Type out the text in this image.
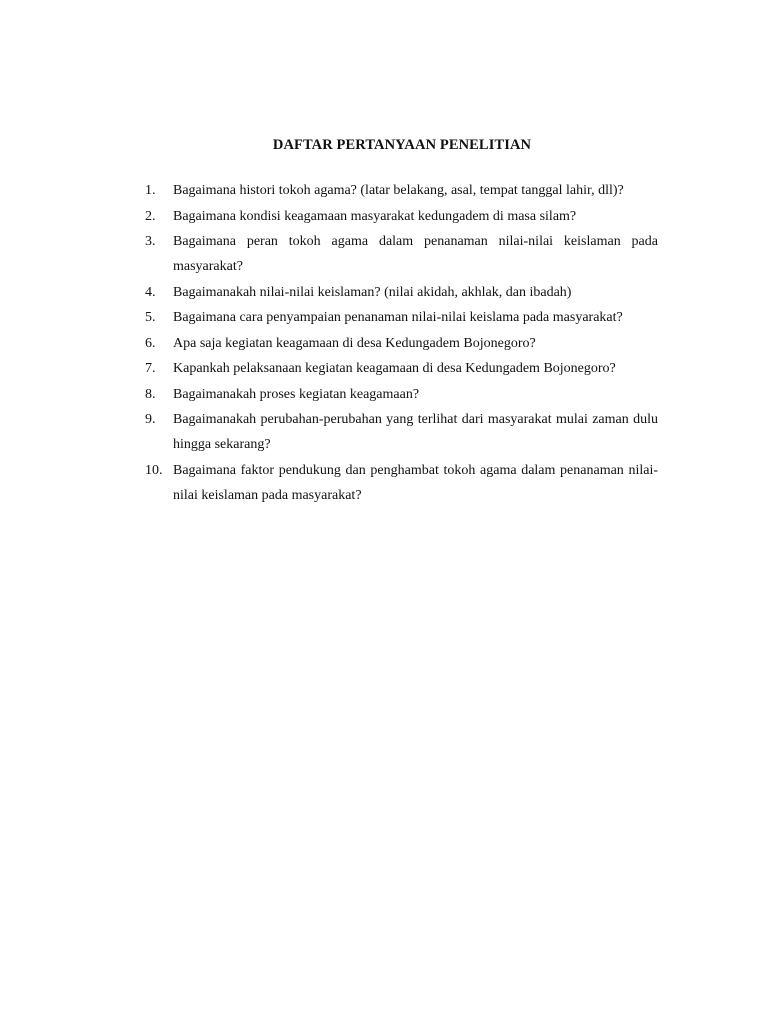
DAFTAR PERTANYAAN PENELITIAN
1.	Bagaimana histori tokoh agama? (latar belakang, asal, tempat tanggal lahir, dll)?
2.	Bagaimana kondisi keagamaan masyarakat kedungadem di masa silam?
3.	Bagaimana peran tokoh agama dalam penanaman nilai-nilai keislaman pada masyarakat?
4.	Bagaimanakah nilai-nilai keislaman? (nilai akidah, akhlak, dan ibadah)
5.	Bagaimana cara penyampaian penanaman nilai-nilai keislama pada masyarakat?
6.	Apa saja kegiatan keagamaan di desa Kedungadem Bojonegoro?
7.	Kapankah pelaksanaan kegiatan keagamaan di desa Kedungadem Bojonegoro?
8.	Bagaimanakah proses kegiatan keagamaan?
9.	Bagaimanakah perubahan-perubahan yang terlihat dari masyarakat mulai zaman dulu hingga sekarang?
10. Bagaimana faktor pendukung dan penghambat tokoh agama dalam penanaman nilai-nilai keislaman pada masyarakat?
